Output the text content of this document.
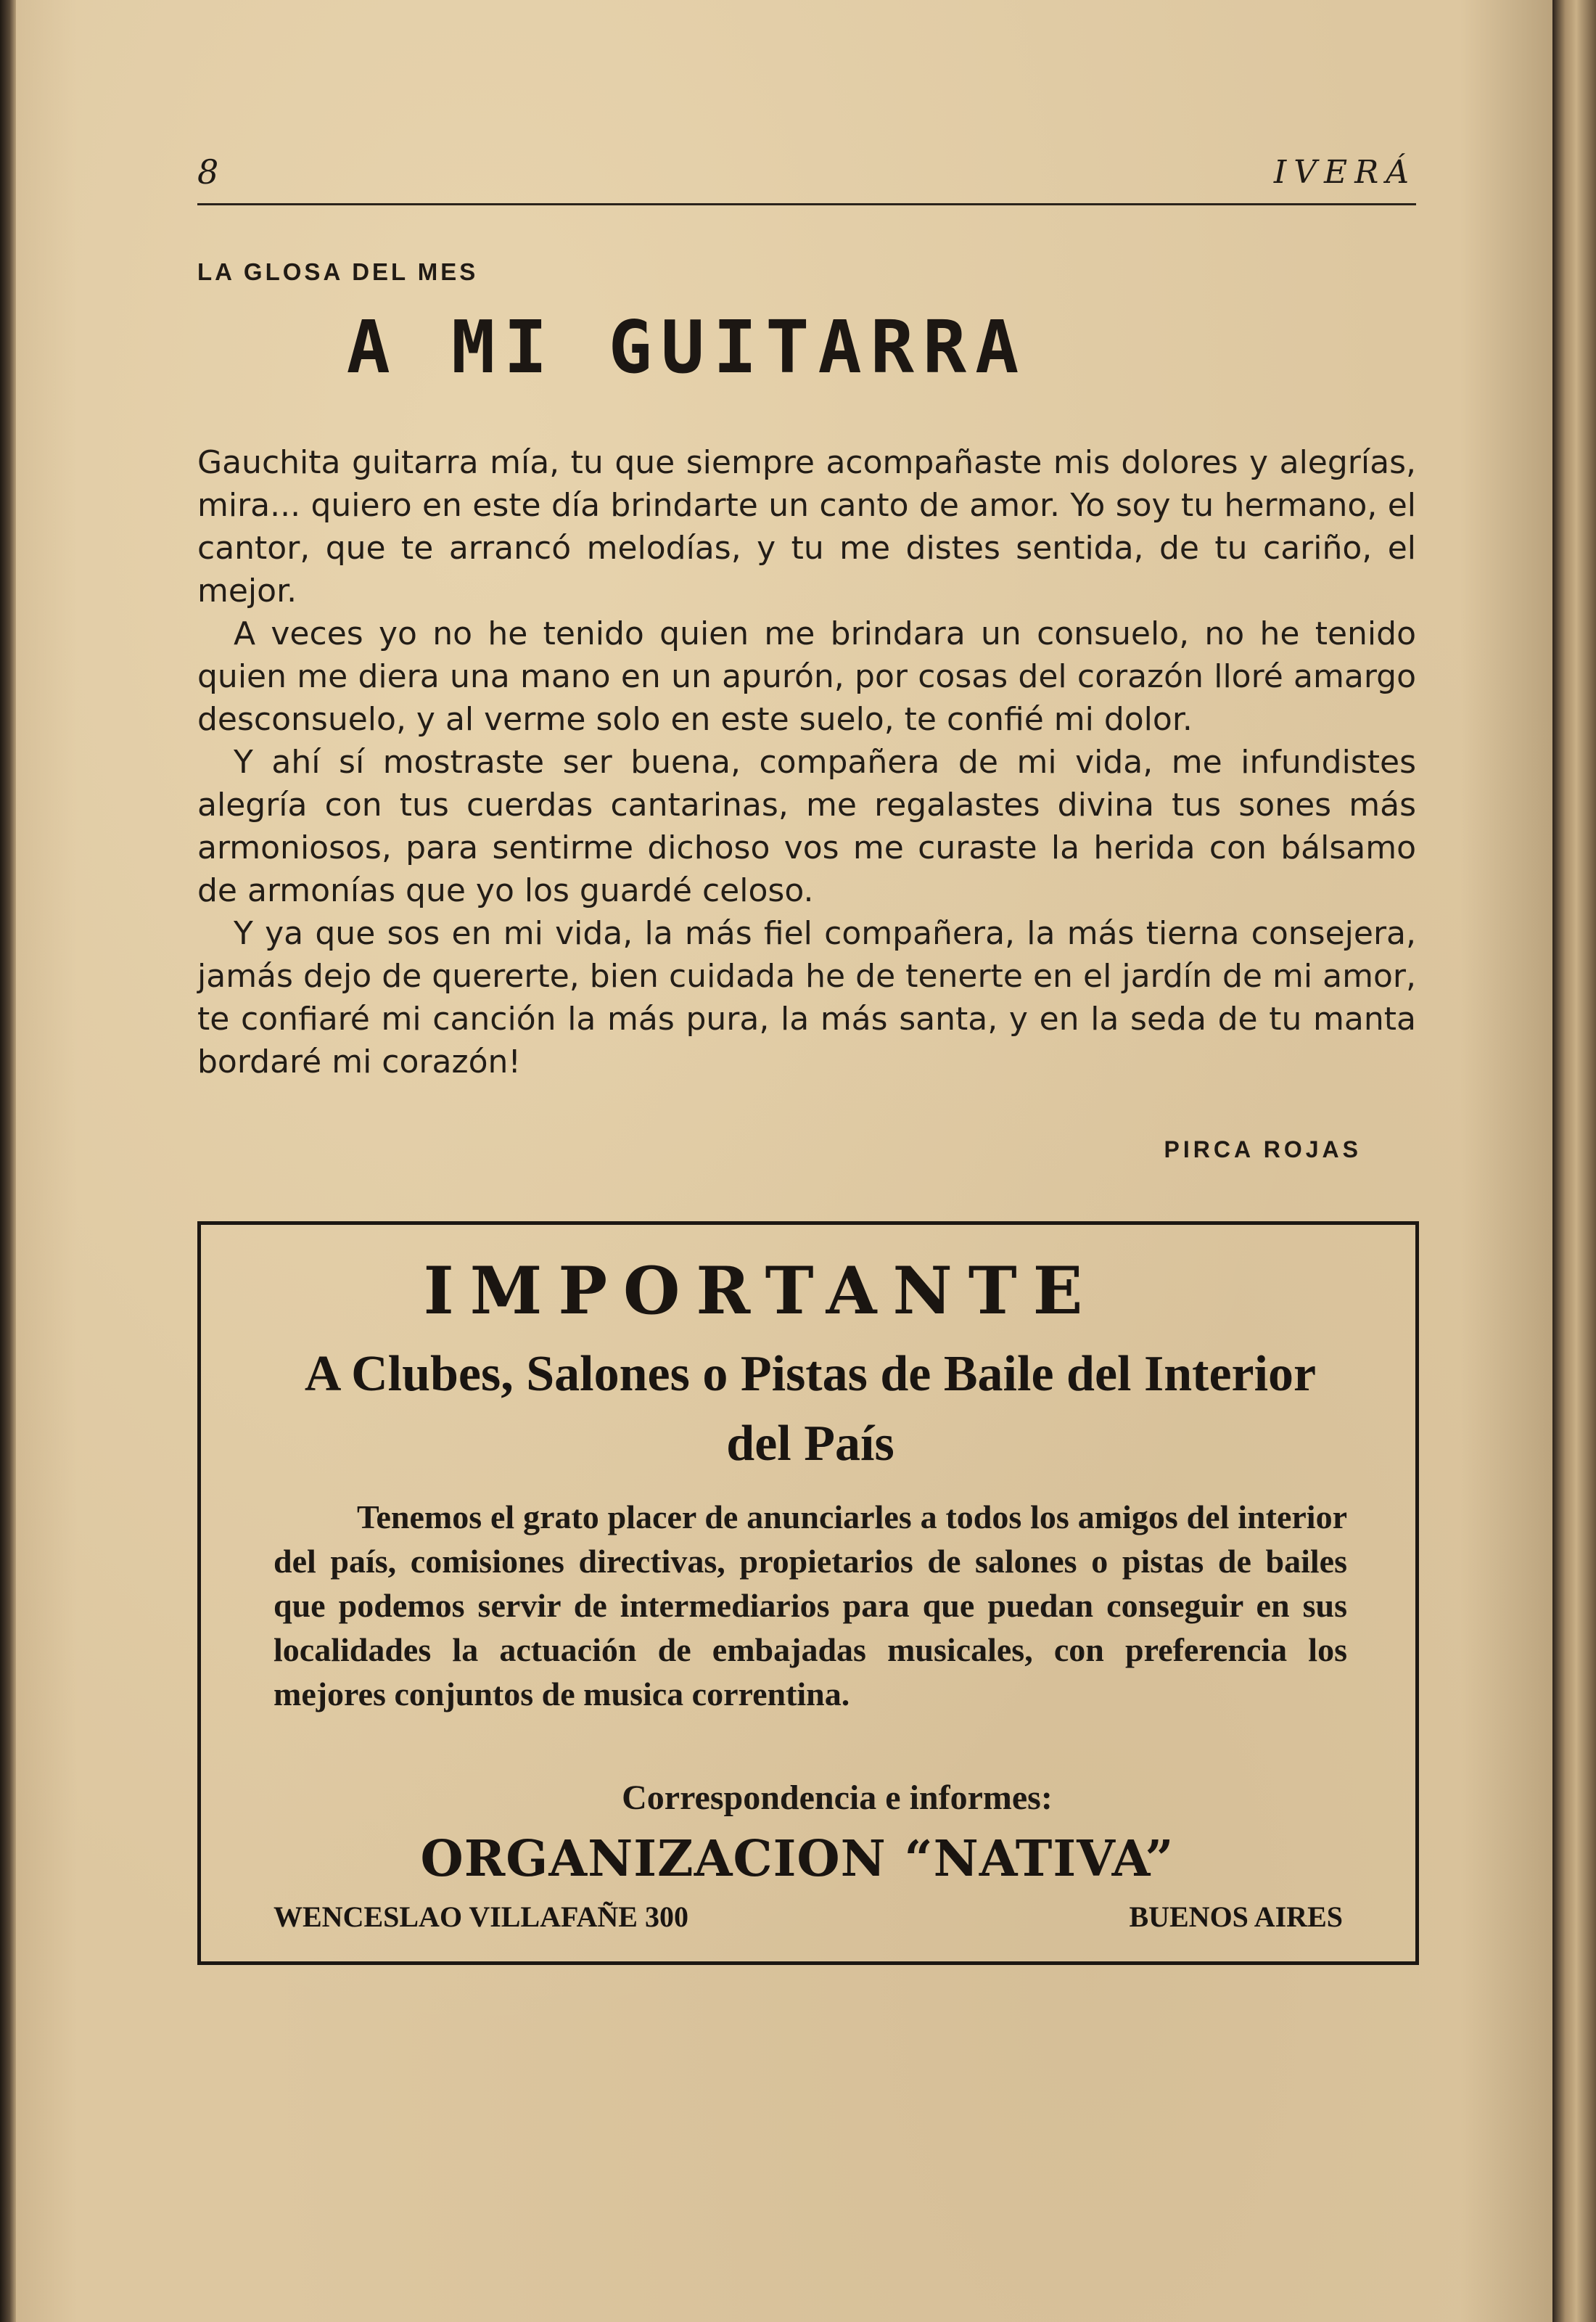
8	IVERÁ
LA GLOSA DEL MES
A MI GUITARRA

Gauchita guitarra mía, tu que siempre acompañaste mis dolores y alegrías, mira... quiero en este día brindarte un canto de amor. Yo soy tu hermano, el cantor, que te arrancó melodías, y tu me distes sentida, de tu cariño, el mejor.

A veces yo no he tenido quien me brindara un consuelo, no he tenido quien me diera una mano en un apurón, por cosas del corazón lloré amargo desconsuelo, y al verme solo en este suelo, te confié mi dolor.

Y ahí sí mostraste ser buena, compañera de mi vida, me infundistes alegría con tus cuerdas cantarinas, me regalastes divina tus sones más armoniosos, para sentirme dichoso vos me curaste la herida con bálsamo de armonías que yo los guardé celoso.

Y ya que sos en mi vida, la más fiel compañera, la más tierna consejera, jamás dejo de quererte, bien cuidada he de tenerte en el jardín de mi amor, te confiaré mi canción la más pura, la más santa, y en la seda de tu manta bordaré mi corazón!

PIRCA ROJAS
IMPORTANTE
A Clubes, Salones o Pistas de Baile del Interior del País
Tenemos el grato placer de anunciarles a todos los amigos del interior del país, comisiones directivas, propietarios de salones o pistas de bailes que podemos servir de intermediarios para que puedan conseguir en sus localidades la actuación de embajadas musicales, con preferencia los mejores conjuntos de musica correntina.
Correspondencia e informes:
ORGANIZACION “NATIVA”
WENCESLAO VILLAFAÑE 300	BUENOS AIRES
